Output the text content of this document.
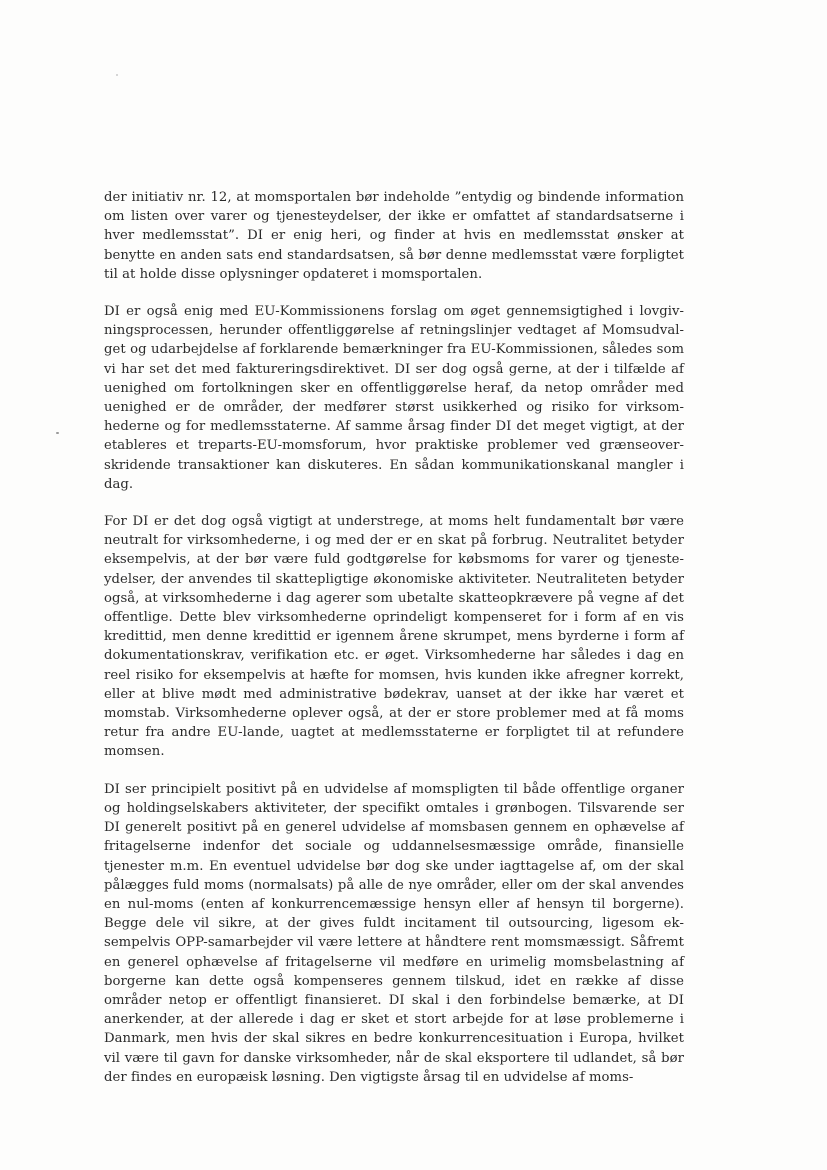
der initiativ nr. 12, at momsportalen bør indeholde ”entydig og bindende information om listen over varer og tjenesteydelser, der ikke er omfattet af standardsatserne i hver medlemsstat”. DI er enig heri, og finder at hvis en medlemsstat ønsker at benytte en anden sats end standardsatsen, så bør denne medlemsstat være forpligtet til at holde disse oplysninger opdateret i momsportalen.

DI er også enig med EU-Kommissionens forslag om øget gennemsigtighed i lovgivningsprocessen, herunder offentliggørelse af retningslinjer vedtaget af Momsudvalget og udarbejdelse af forklarende bemærkninger fra EU-Kommissionen, således som vi har set det med faktureringsdirektivet. DI ser dog også gerne, at der i tilfælde af uenighed om fortolkningen sker en offentliggørelse heraf, da netop områder med uenighed er de områder, der medfører størst usikkerhed og risiko for virksomhederne og for medlemsstaterne. Af samme årsag finder DI det meget vigtigt, at der etableres et treparts-EU-momsforum, hvor praktiske problemer ved grænseoverskridende transaktioner kan diskuteres. En sådan kommunikationskanal mangler i dag.

For DI er det dog også vigtigt at understrege, at moms helt fundamentalt bør være neutralt for virksomhederne, i og med der er en skat på forbrug. Neutralitet betyder eksempelvis, at der bør være fuld godtgørelse for købsmoms for varer og tjenesteydelser, der anvendes til skattepligtige økonomiske aktiviteter. Neutraliteten betyder også, at virksomhederne i dag agerer som ubetalte skatteopkrævere på vegne af det offentlige. Dette blev virksomhederne oprindeligt kompenseret for i form af en vis kredittid, men denne kredittid er igennem årene skrumpet, mens byrderne i form af dokumentationskrav, verifikation etc. er øget. Virksomhederne har således i dag en reel risiko for eksempelvis at hæfte for momsen, hvis kunden ikke afregner korrekt, eller at blive mødt med administrative bødekrav, uanset at der ikke har været et momstab. Virksomhederne oplever også, at der er store problemer med at få moms retur fra andre EU-lande, uagtet at medlemsstaterne er forpligtet til at refundere momsen.

DI ser principielt positivt på en udvidelse af momspligten til både offentlige organer og holdingselskabers aktiviteter, der specifikt omtales i grønbogen. Tilsvarende ser DI generelt positivt på en generel udvidelse af momsbasen gennem en ophævelse af fritagelserne indenfor det sociale og uddannelsesmæssige område, finansielle tjenester m.m. En eventuel udvidelse bør dog ske under iagttagelse af, om der skal pålægges fuld moms (normalsats) på alle de nye områder, eller om der skal anvendes en nul-moms (enten af konkurrencemæssige hensyn eller af hensyn til borgerne). Begge dele vil sikre, at der gives fuldt incitament til outsourcing, ligesom eksempelvis OPP-samarbejder vil være lettere at håndtere rent momsmæssigt. Såfremt en generel ophævelse af fritagelserne vil medføre en urimelig momsbelastning af borgerne kan dette også kompenseres gennem tilskud, idet en række af disse områder netop er offentligt finansieret. DI skal i den forbindelse bemærke, at DI anerkender, at der allerede i dag er sket et stort arbejde for at løse problemerne i Danmark, men hvis der skal sikres en bedre konkurrencesituation i Europa, hvilket vil være til gavn for danske virksomheder, når de skal eksportere til udlandet, så bør der findes en europæisk løsning. Den vigtigste årsag til en udvidelse af moms-
